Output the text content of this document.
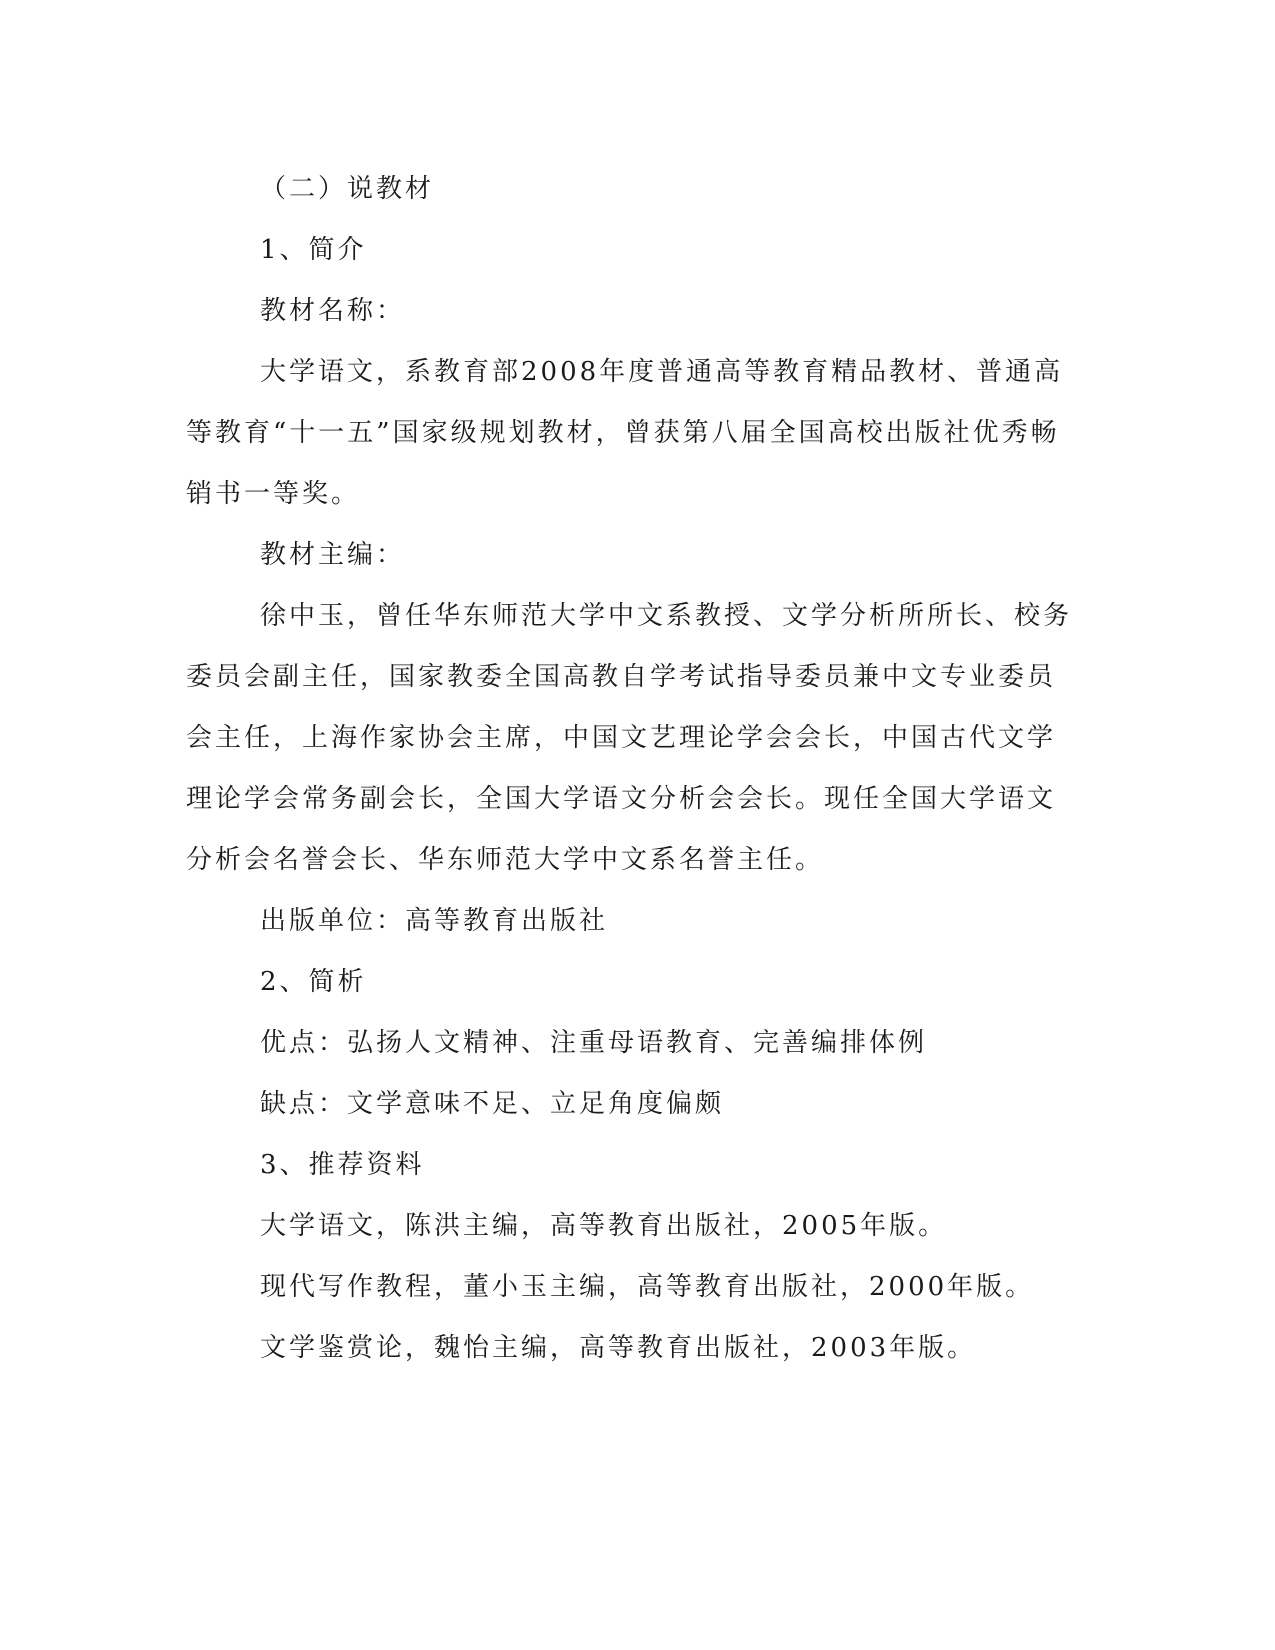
（二）说教材
1、简介
教材名称：
大学语文，系教育部2008年度普通高等教育精品教材、普通高
等教育“十一五”国家级规划教材，曾获第八届全国高校出版社优秀畅
销书一等奖。
教材主编：
徐中玉，曾任华东师范大学中文系教授、文学分析所所长、校务
委员会副主任，国家教委全国高教自学考试指导委员兼中文专业委员
会主任，上海作家协会主席，中国文艺理论学会会长，中国古代文学
理论学会常务副会长，全国大学语文分析会会长。现任全国大学语文
分析会名誉会长、华东师范大学中文系名誉主任。
出版单位：高等教育出版社
2、简析
优点：弘扬人文精神、注重母语教育、完善编排体例
缺点：文学意味不足、立足角度偏颇
3、推荐资料
大学语文，陈洪主编，高等教育出版社，2005年版。
现代写作教程，董小玉主编，高等教育出版社，2000年版。
文学鉴赏论，魏怡主编，高等教育出版社，2003年版。
